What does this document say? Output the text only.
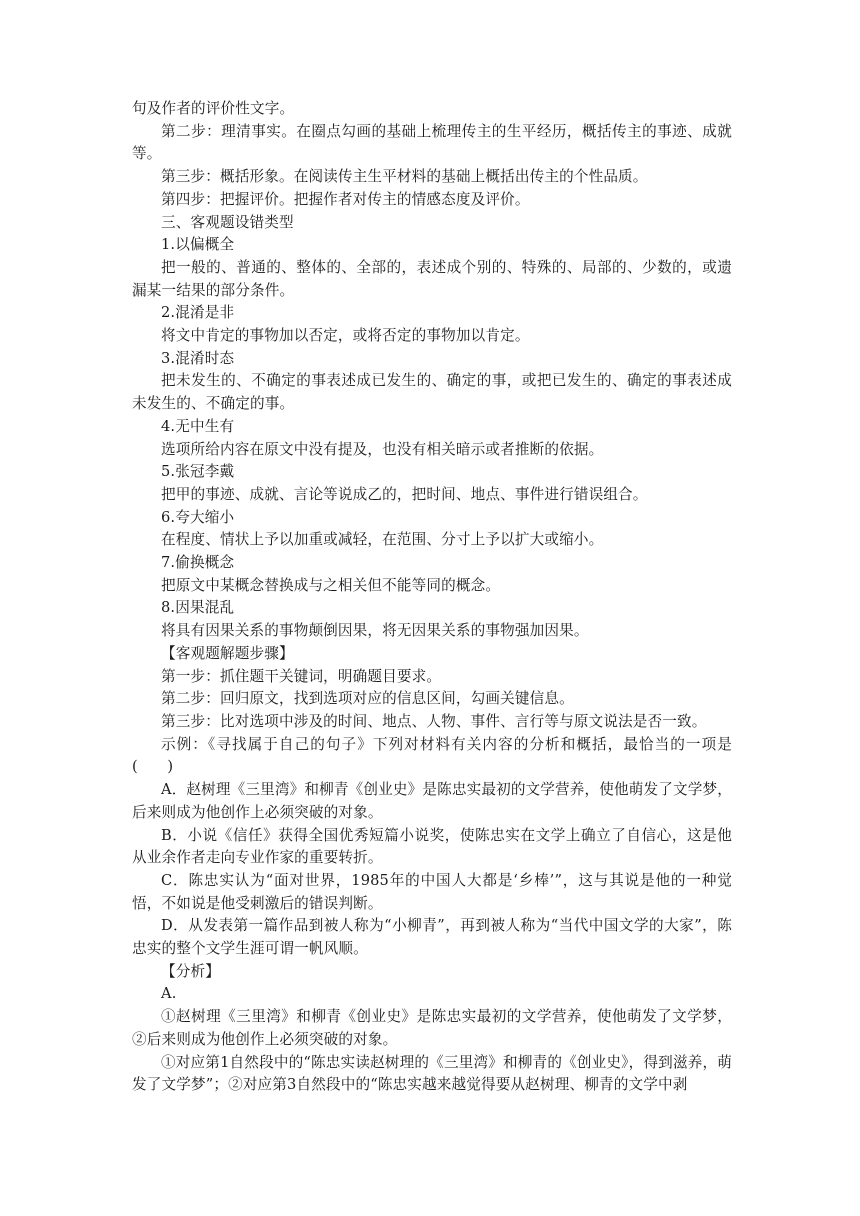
句及作者的评价性文字。

第二步：理清事实。在圈点勾画的基础上梳理传主的生平经历，概括传主的事迹、成就等。

第三步：概括形象。在阅读传主生平材料的基础上概括出传主的个性品质。

第四步：把握评价。把握作者对传主的情感态度及评价。

三、客观题设错类型

1.以偏概全

把一般的、普通的、整体的、全部的，表述成个别的、特殊的、局部的、少数的，或遗漏某一结果的部分条件。

2.混淆是非

将文中肯定的事物加以否定，或将否定的事物加以肯定。

3.混淆时态

把未发生的、不确定的事表述成已发生的、确定的事，或把已发生的、确定的事表述成未发生的、不确定的事。

4.无中生有

选项所给内容在原文中没有提及，也没有相关暗示或者推断的依据。

5.张冠李戴

把甲的事迹、成就、言论等说成乙的，把时间、地点、事件进行错误组合。

6.夸大缩小

在程度、情状上予以加重或减轻，在范围、分寸上予以扩大或缩小。

7.偷换概念

把原文中某概念替换成与之相关但不能等同的概念。

8.因果混乱

将具有因果关系的事物颠倒因果，将无因果关系的事物强加因果。

【客观题解题步骤】

第一步：抓住题干关键词，明确题目要求。

第二步：回归原文，找到选项对应的信息区间，勾画关键信息。

第三步：比对选项中涉及的时间、地点、人物、事件、言行等与原文说法是否一致。

示例：《寻找属于自己的句子》下列对材料有关内容的分析和概括，最恰当的一项是(　　)

A．赵树理《三里湾》和柳青《创业史》是陈忠实最初的文学营养，使他萌发了文学梦，后来则成为他创作上必须突破的对象。

B．小说《信任》获得全国优秀短篇小说奖，使陈忠实在文学上确立了自信心，这是他从业余作者走向专业作家的重要转折。

C．陈忠实认为“面对世界，1985年的中国人大都是‘乡棒’”，这与其说是他的一种觉悟，不如说是他受刺激后的错误判断。

D．从发表第一篇作品到被人称为“小柳青”，再到被人称为“当代中国文学的大家”，陈忠实的整个文学生涯可谓一帆风顺。

【分析】

A.

①赵树理《三里湾》和柳青《创业史》是陈忠实最初的文学营养，使他萌发了文学梦，②后来则成为他创作上必须突破的对象。

①对应第1自然段中的“陈忠实读赵树理的《三里湾》和柳青的《创业史》，得到滋养，萌发了文学梦”；②对应第3自然段中的“陈忠实越来越觉得要从赵树理、柳青的文学中剥
